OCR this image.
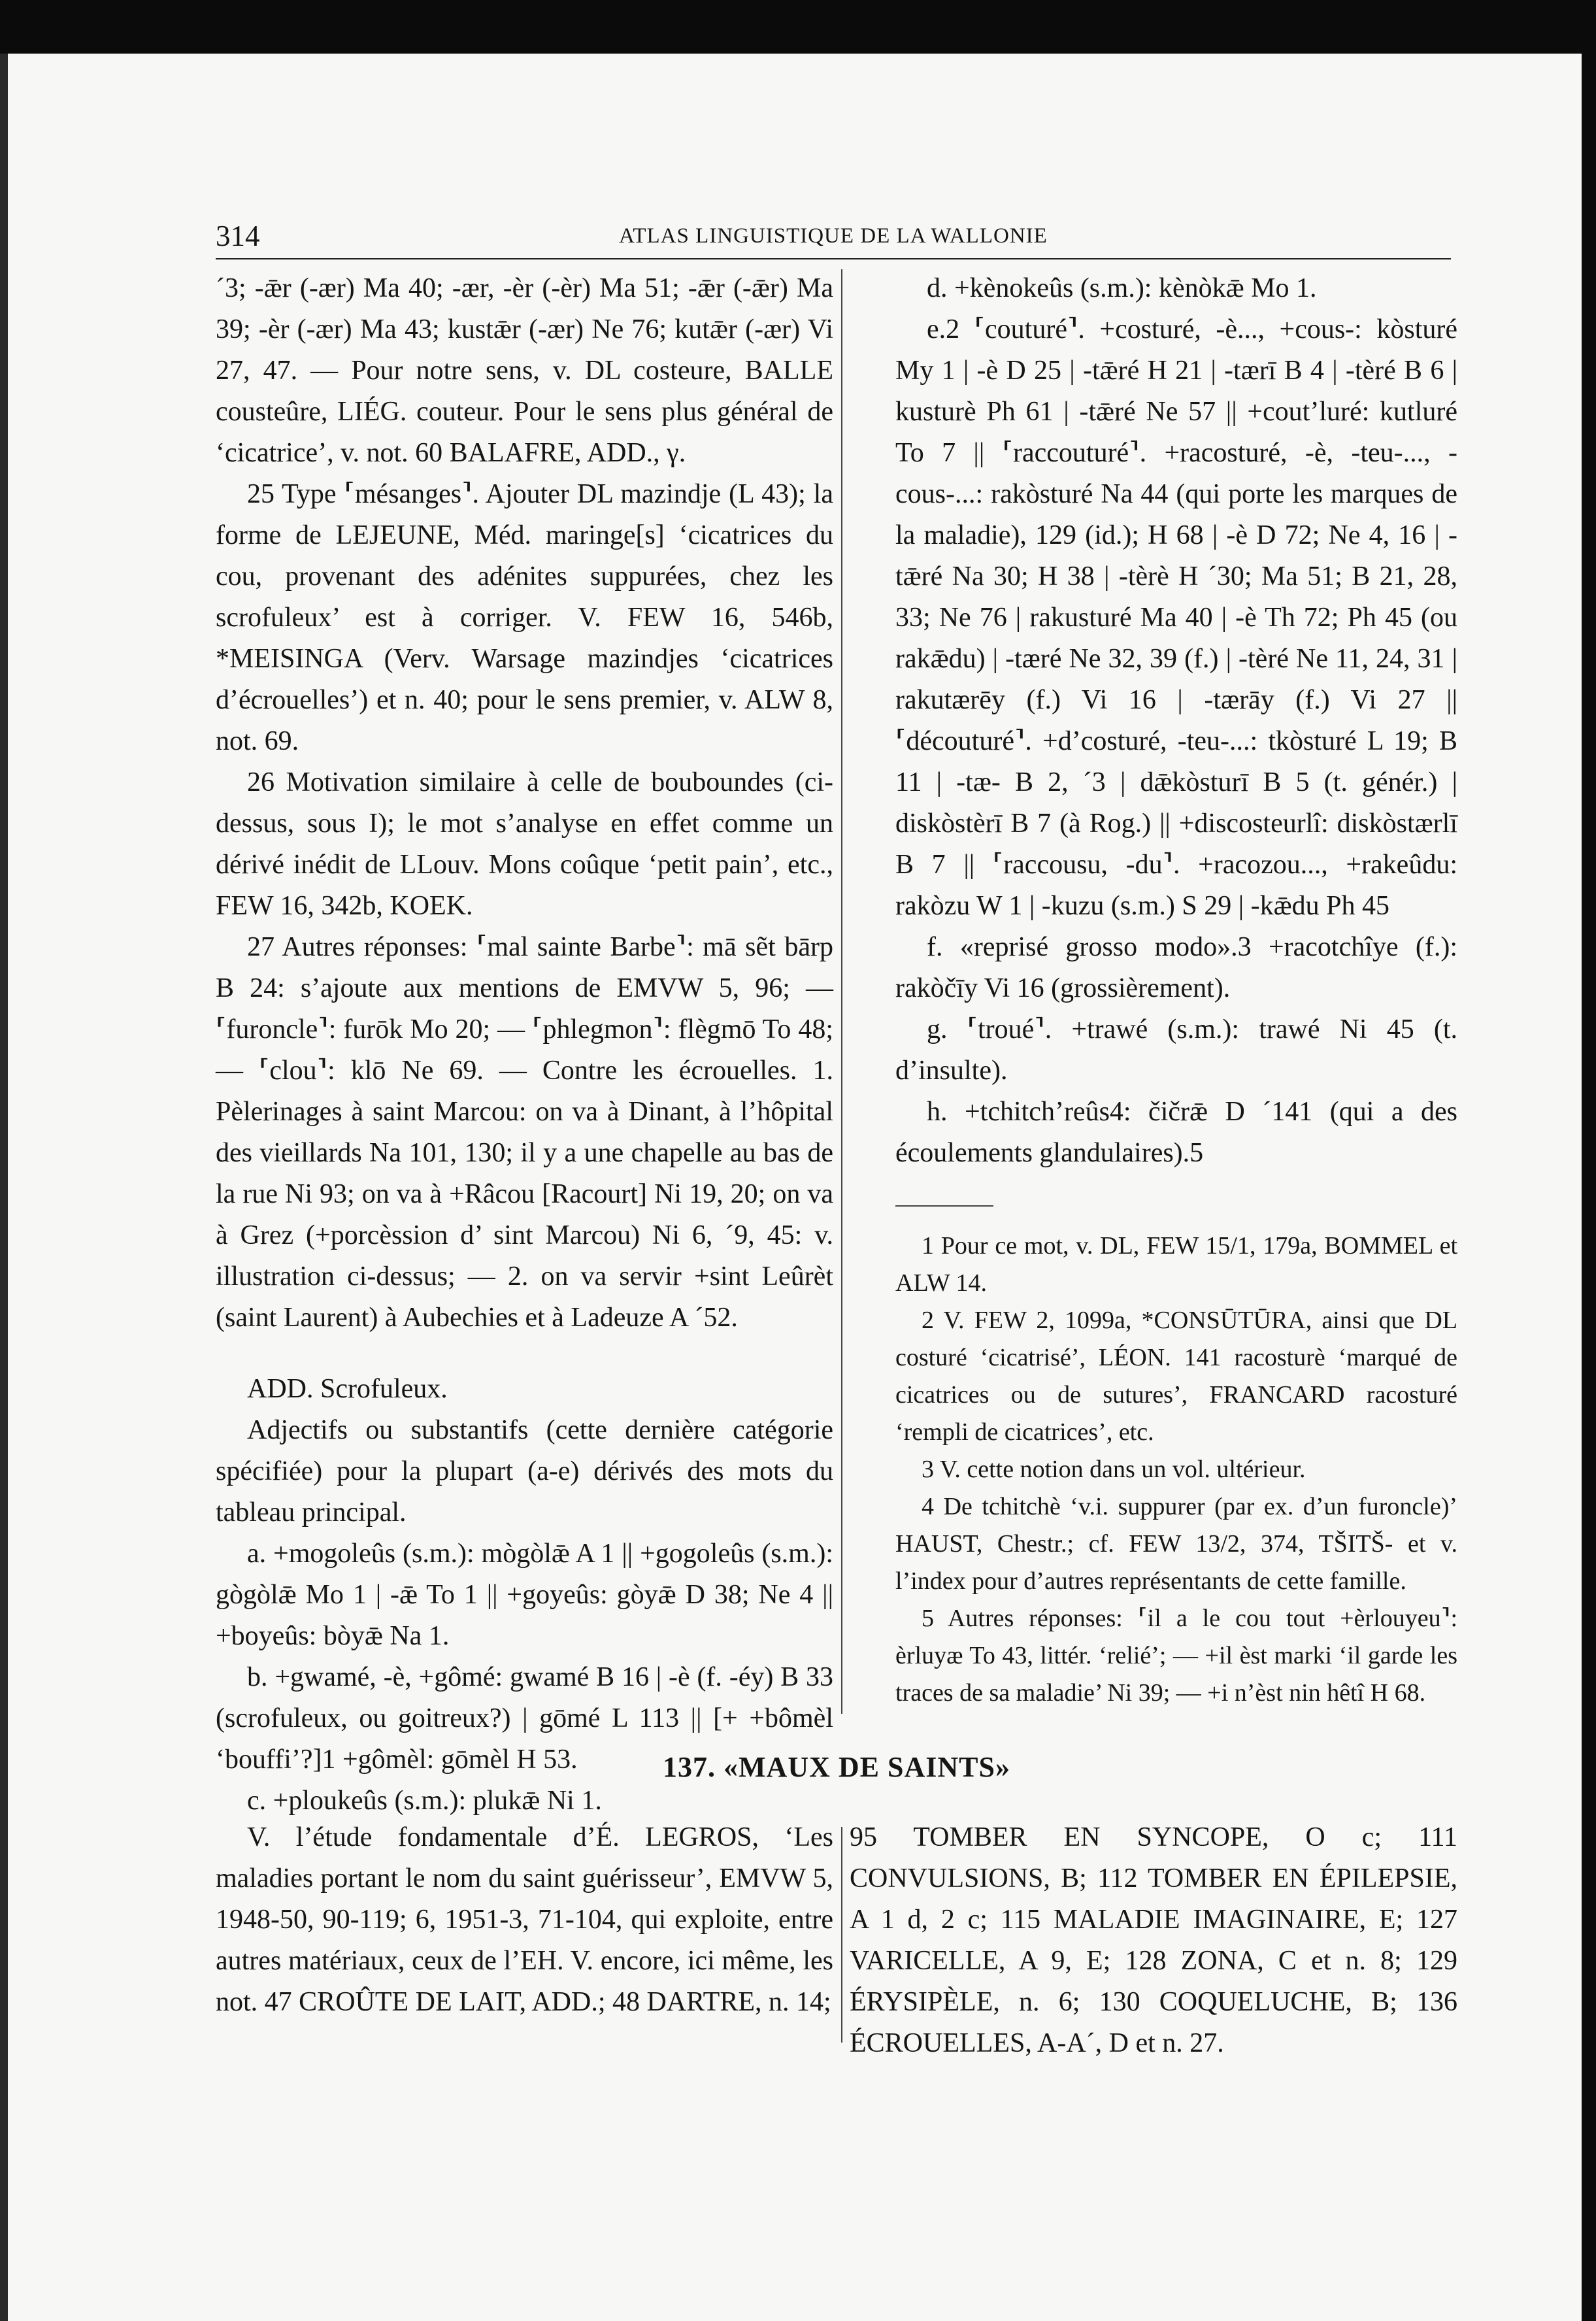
314	ATLAS LINGUISTIQUE DE LA WALLONIE

´3; -ǣr (-ær) Ma 40; -ær, -èr (-èr) Ma 51; -ǣr (-ǣr) Ma 39; -èr (-ær) Ma 43; kustǣr (-ær) Ne 76; kutǣr (-ær) Vi 27, 47. — Pour notre sens, v. DL costeure, BALLE cousteûre, LIÉG. couteur. Pour le sens plus général de ‘cicatrice’, v. not. 60 BALAFRE, ADD., γ.

25 Type ⸢mésanges⸣. Ajouter DL mazindje (L 43); la forme de LEJEUNE, Méd. maringe[s] ‘cicatrices du cou, provenant des adénites suppurées, chez les scrofuleux’ est à corriger. V. FEW 16, 546b, *MEISINGA (Verv. Warsage mazindjes ‘cicatrices d’écrouelles’) et n. 40; pour le sens premier, v. ALW 8, not. 69.

26 Motivation similaire à celle de bouboundes (ci-dessus, sous I); le mot s’analyse en effet comme un dérivé inédit de LLouv. Mons coûque ‘petit pain’, etc., FEW 16, 342b, KOEK.

27 Autres réponses: ⸢mal sainte Barbe⸣: mā sẽt bārp B 24: s’ajoute aux mentions de EMVW 5, 96; — ⸢furoncle⸣: furōk Mo 20; — ⸢phlegmon⸣: flègmō To 48; — ⸢clou⸣: klō Ne 69. — Contre les écrouelles. 1. Pèlerinages à saint Marcou: on va à Dinant, à l’hôpital des vieillards Na 101, 130; il y a une chapelle au bas de la rue Ni 93; on va à +Râcou [Racourt] Ni 19, 20; on va à Grez (+porcèssion d’ sint Marcou) Ni 6, ´9, 45: v. illustration ci-dessus; — 2. on va servir +sint Leûrèt (saint Laurent) à Aubechies et à Ladeuze A ´52.

ADD. Scrofuleux.

Adjectifs ou substantifs (cette dernière catégorie spécifiée) pour la plupart (a-e) dérivés des mots du tableau principal.

a. +mogoleûs (s.m.): mògòlǣ A 1 || +gogoleûs (s.m.): gògòlǣ Mo 1 | -ǣ To 1 || +goyeûs: gòyǣ D 38; Ne 4 || +boyeûs: bòyǣ Na 1.

b. +gwamé, -è, +gômé: gwamé B 16 | -è (f. -éy) B 33 (scrofuleux, ou goitreux?) | gōmé L 113 || [+ +bômèl ‘bouffi’?]1 +gômèl: gōmèl H 53.

c. +ploukeûs (s.m.): plukǣ Ni 1.

d. +kènokeûs (s.m.): kènòkǣ Mo 1.

e.2 ⸢couturé⸣. +costuré, -è..., +cous-: kòsturé My 1 | -è D 25 | -tǣré H 21 | -tærī B 4 | -tèré B 6 | kusturè Ph 61 | -tǣré Ne 57 || +cout’luré: kutluré To 7 || ⸢raccouturé⸣. +racosturé, -è, -teu-..., -cous-...: rakòsturé Na 44 (qui porte les marques de la maladie), 129 (id.); H 68 | -è D 72; Ne 4, 16 | -tǣré Na 30; H 38 | -tèrè H ´30; Ma 51; B 21, 28, 33; Ne 76 | rakusturé Ma 40 | -è Th 72; Ph 45 (ou rakǣdu) | -tæré Ne 32, 39 (f.) | -tèré Ne 11, 24, 31 | rakutærēy (f.) Vi 16 | -tærāy (f.) Vi 27 || ⸢découturé⸣. +d’costuré, -teu-...: tkòsturé L 19; B 11 | -tæ- B 2, ´3 | dǣkòsturī B 5 (t. génér.) | diskòstèrī B 7 (à Rog.) || +discosteurlî: diskòstærlī B 7 || ⸢raccousu, -du⸣. +racozou..., +rakeûdu: rakòzu W 1 | -kuzu (s.m.) S 29 | -kǣdu Ph 45

f. «reprisé grosso modo».3 +racotchîye (f.): rakòčīy Vi 16 (grossièrement).

g. ⸢troué⸣. +trawé (s.m.): trawé Ni 45 (t. d’insulte).

h. +tchitch’reûs4: čičrǣ D ´141 (qui a des écoulements glandulaires).5

1 Pour ce mot, v. DL, FEW 15/1, 179a, BOMMEL et ALW 14.

2 V. FEW 2, 1099a, *CONSŪTŪRA, ainsi que DL costuré ‘cicatrisé’, LÉON. 141 racosturè ‘marqué de cicatrices ou de sutures’, FRANCARD racosturé ‘rempli de cicatrices’, etc.

3 V. cette notion dans un vol. ultérieur.

4 De tchitchè ‘v.i. suppurer (par ex. d’un furoncle)’ HAUST, Chestr.; cf. FEW 13/2, 374, TŠITŠ- et v. l’index pour d’autres représentants de cette famille.

5 Autres réponses: ⸢il a le cou tout +èrlouyeu⸣: èrluyæ To 43, littér. ‘relié’; — +il èst marki ‘il garde les traces de sa maladie’ Ni 39; — +i n’èst nin hêtî H 68.

137. «MAUX DE SAINTS»

V. l’étude fondamentale d’É. LEGROS, ‘Les maladies portant le nom du saint guérisseur’, EMVW 5, 1948-50, 90-119; 6, 1951-3, 71-104, qui exploite, entre autres matériaux, ceux de l’EH. V. encore, ici même, les not. 47 CROÛTE DE LAIT, ADD.; 48 DARTRE, n. 14;

95 TOMBER EN SYNCOPE, O c; 111 CONVULSIONS, B; 112 TOMBER EN ÉPILEPSIE, A 1 d, 2 c; 115 MALADIE IMAGINAIRE, E; 127 VARICELLE, A 9, E; 128 ZONA, C et n. 8; 129 ÉRYSIPÈLE, n. 6; 130 COQUELUCHE, B; 136 ÉCROUELLES, A-A´, D et n. 27.
